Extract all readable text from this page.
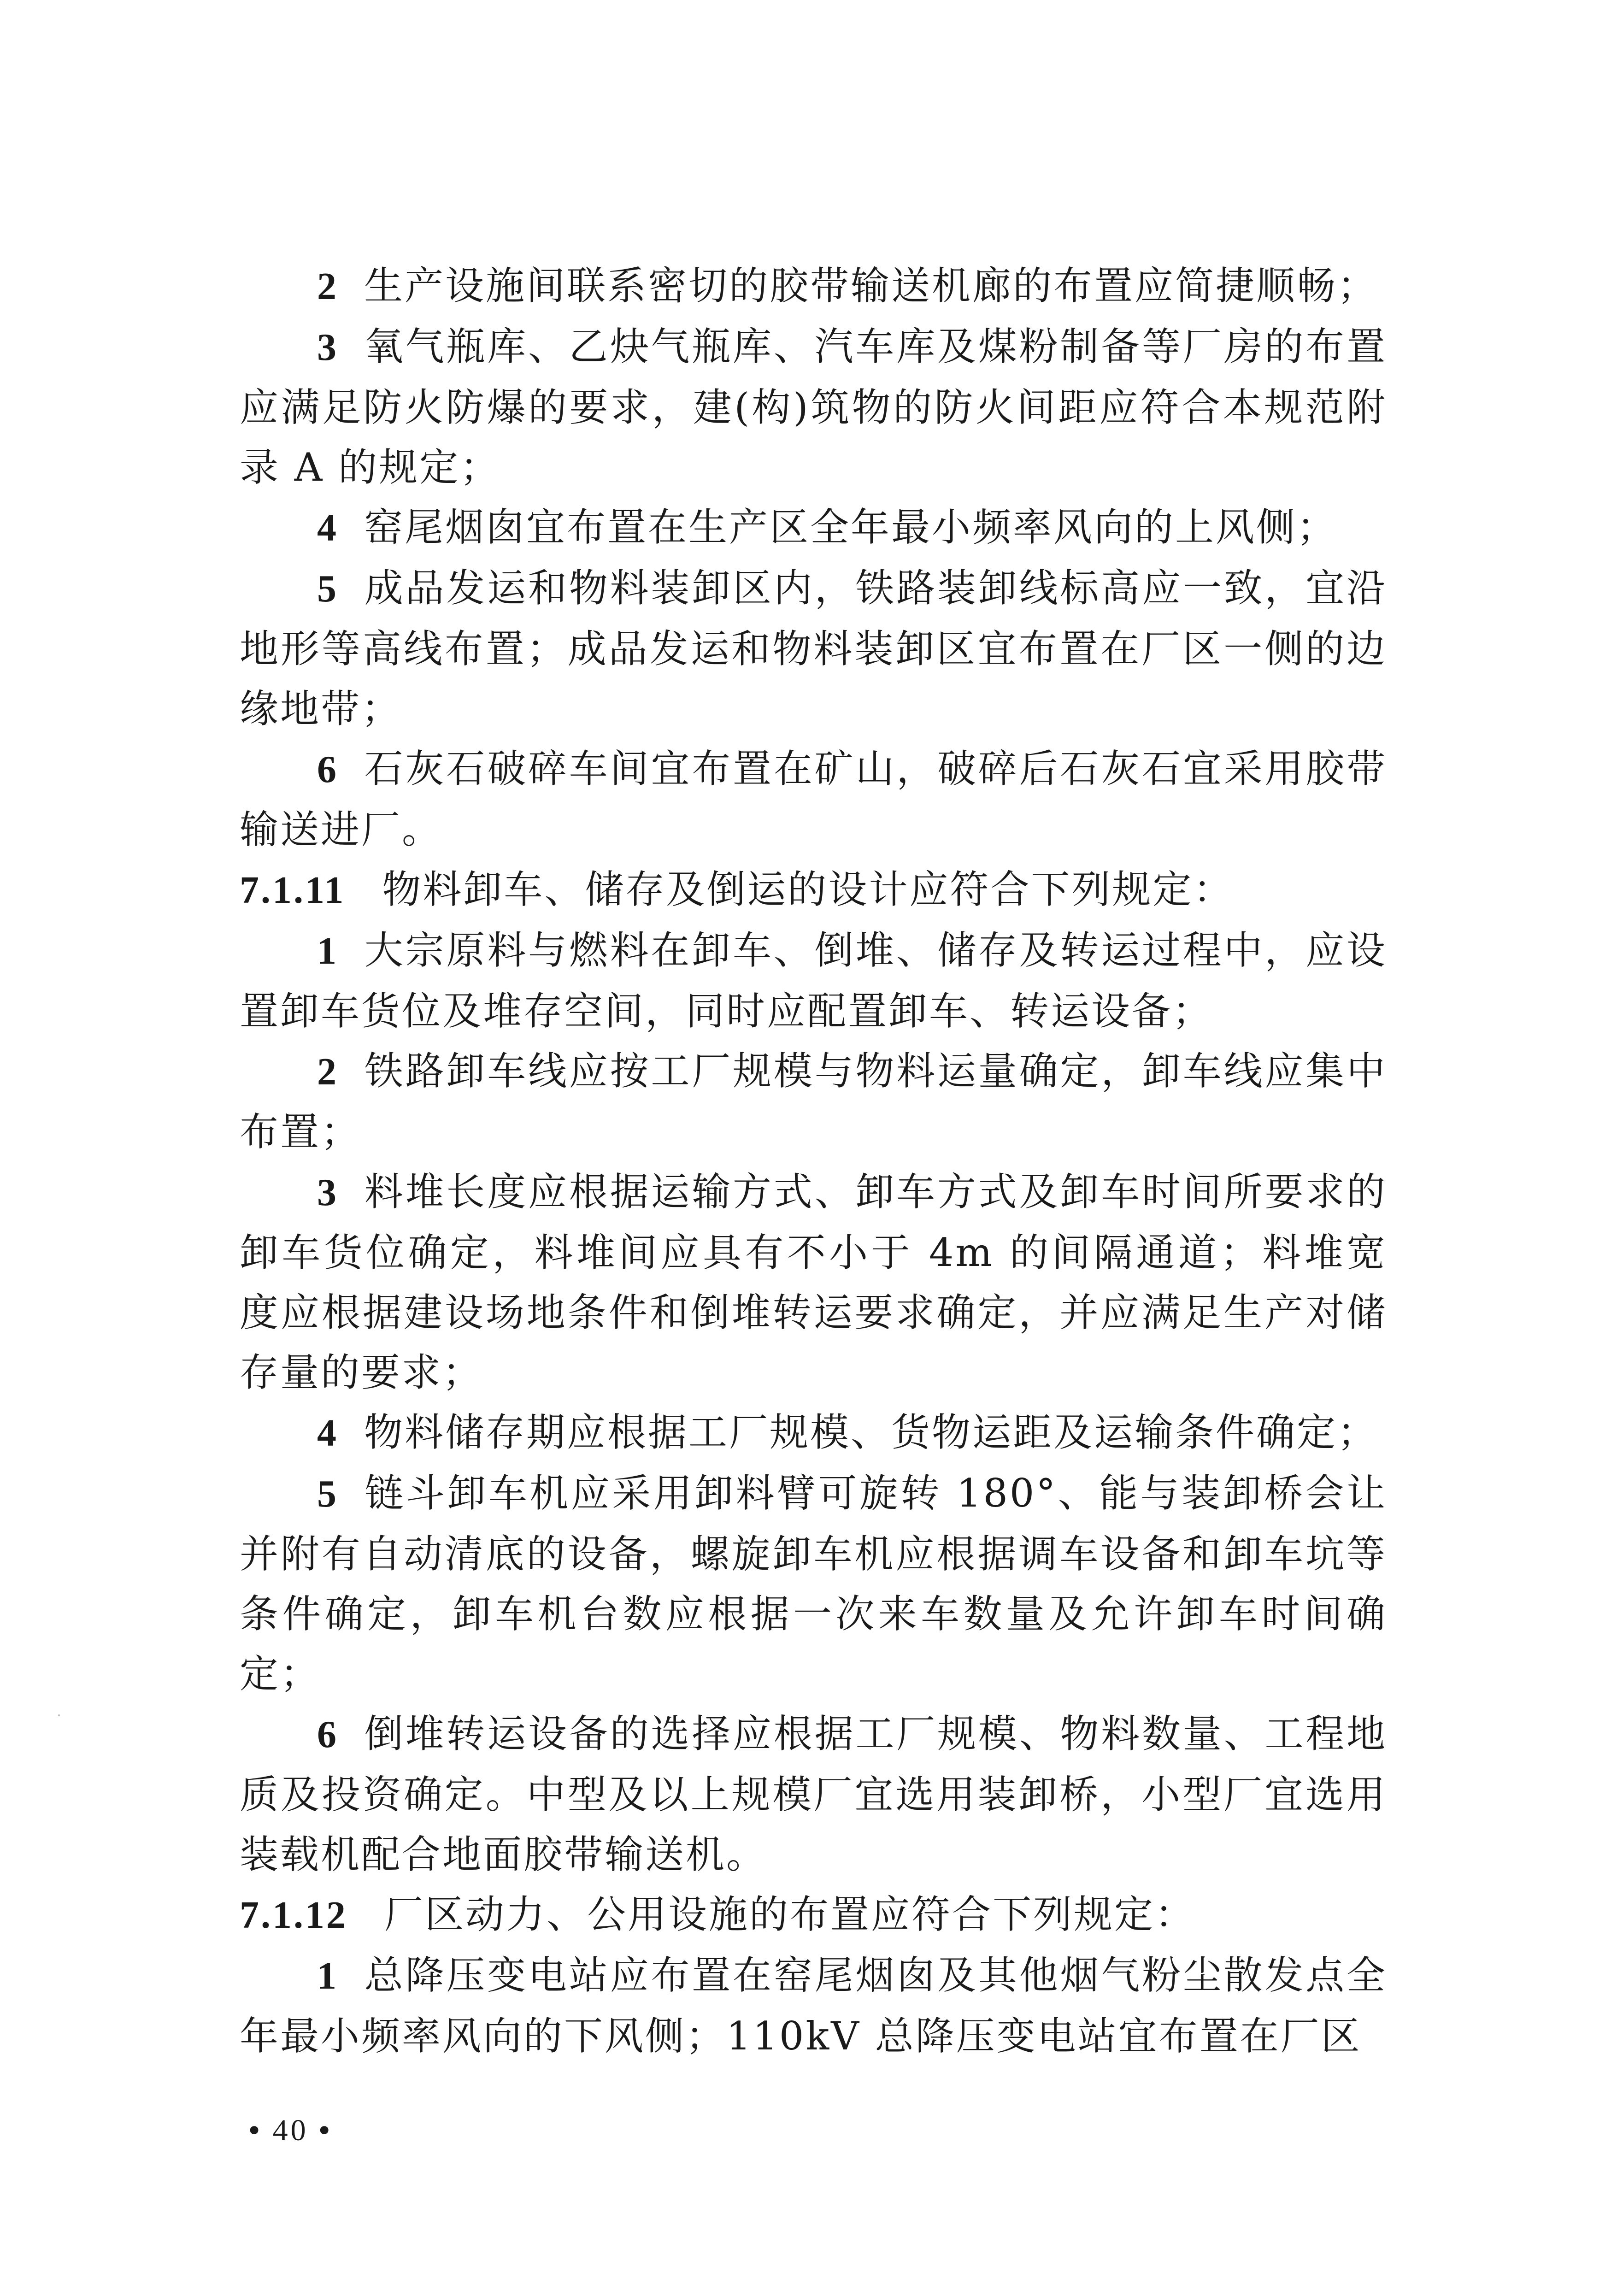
2 生产设施间联系密切的胶带输送机廊的布置应简捷顺畅；

3 氧气瓶库、乙炔气瓶库、汽车库及煤粉制备等厂房的布置应满足防火防爆的要求，建(构)筑物的防火间距应符合本规范附录 A 的规定；

4 窑尾烟囱宜布置在生产区全年最小频率风向的上风侧；

5 成品发运和物料装卸区内，铁路装卸线标高应一致，宜沿地形等高线布置；成品发运和物料装卸区宜布置在厂区一侧的边缘地带；

6 石灰石破碎车间宜布置在矿山，破碎后石灰石宜采用胶带输送进厂。

7.1.11 物料卸车、储存及倒运的设计应符合下列规定：

1 大宗原料与燃料在卸车、倒堆、储存及转运过程中，应设置卸车货位及堆存空间，同时应配置卸车、转运设备；

2 铁路卸车线应按工厂规模与物料运量确定，卸车线应集中布置；

3 料堆长度应根据运输方式、卸车方式及卸车时间所要求的卸车货位确定，料堆间应具有不小于 4m 的间隔通道；料堆宽度应根据建设场地条件和倒堆转运要求确定，并应满足生产对储存量的要求；

4 物料储存期应根据工厂规模、货物运距及运输条件确定；

5 链斗卸车机应采用卸料臂可旋转 180°、能与装卸桥会让并附有自动清底的设备，螺旋卸车机应根据调车设备和卸车坑等条件确定，卸车机台数应根据一次来车数量及允许卸车时间确定；

6 倒堆转运设备的选择应根据工厂规模、物料数量、工程地质及投资确定。中型及以上规模厂宜选用装卸桥，小型厂宜选用装载机配合地面胶带输送机。

7.1.12 厂区动力、公用设施的布置应符合下列规定：

1 总降压变电站应布置在窑尾烟囱及其他烟气粉尘散发点全年最小频率风向的下风侧；110kV 总降压变电站宜布置在厂区

• 40 •
